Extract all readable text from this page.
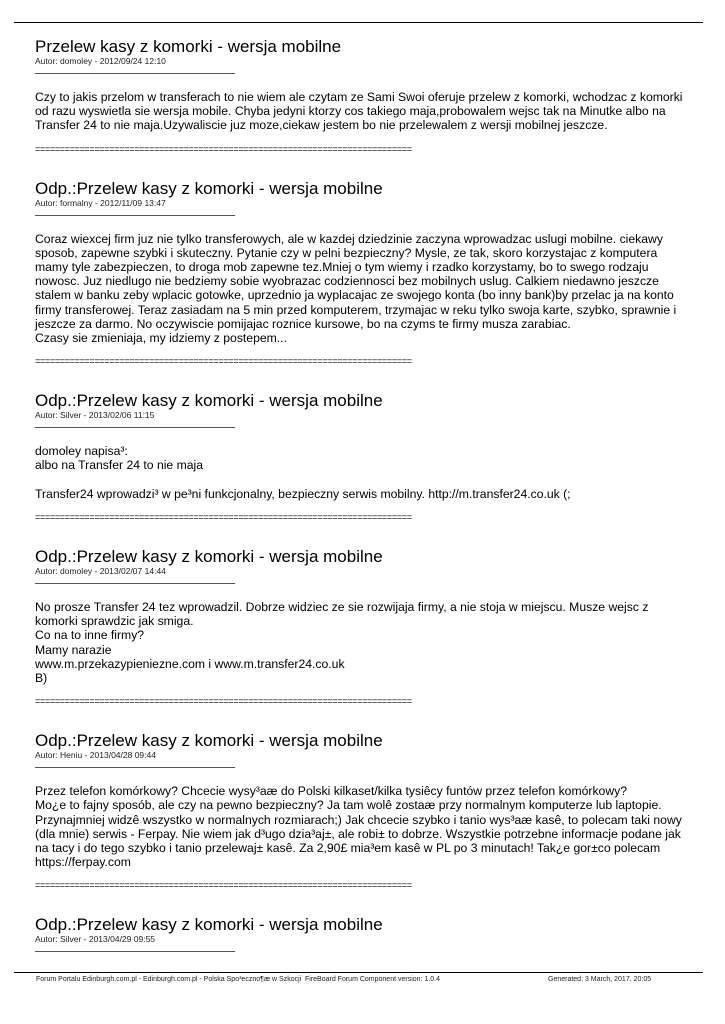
Przelew kasy z komorki - wersja mobilne
Autor: domoley - 2012/09/24 12:10
Czy to jakis przelom w transferach to nie wiem ale czytam ze Sami Swoi oferuje przelew z komorki, wchodzac z komorki od razu wyswietla sie wersja mobile. Chyba jedyni ktorzy cos takiego maja,probowalem wejsc tak na Minutke albo na Transfer 24 to nie maja.Uzywaliscie juz moze,ciekaw jestem bo nie przelewalem z wersji mobilnej jeszcze.
============================================================================
Odp.:Przelew kasy z komorki - wersja mobilne
Autor: formalny - 2012/11/09 13:47
Coraz wiexcej firm juz nie tylko transferowych, ale w kazdej dziedzinie zaczyna wprowadzac uslugi mobilne. ciekawy sposob, zapewne szybki i skuteczny. Pytanie czy w pelni bezpieczny? Mysle, ze tak, skoro korzystajac z komputera mamy tyle zabezpieczen, to droga mob zapewne tez.Mniej o tym wiemy i rzadko korzystamy, bo to swego rodzaju nowosc. Juz niedlugo nie bedziemy sobie wyobrazac codziennosci bez mobilnych uslug. Calkiem niedawno jeszcze stalem w banku zeby wplacic gotowke, uprzednio ja wyplacajac ze swojego konta (bo inny bank)by przelac ja na konto firmy transferowej. Teraz zasiadam na 5 min przed komputerem, trzymajac w reku tylko swoja karte, szybko, sprawnie i jeszcze za darmo. No oczywiscie pomijajac roznice kursowe, bo na czyms te firmy musza zarabiac.
Czasy sie zmieniaja, my idziemy z postepem...
============================================================================
Odp.:Przelew kasy z komorki - wersja mobilne
Autor: Silver - 2013/02/06 11:15
domoley napisa³:
albo na Transfer 24 to nie maja

Transfer24 wprowadzi³ w pe³ni funkcjonalny, bezpieczny serwis mobilny. http://m.transfer24.co.uk (;
============================================================================
Odp.:Przelew kasy z komorki - wersja mobilne
Autor: domoley - 2013/02/07 14:44
No prosze Transfer 24 tez wprowadzil. Dobrze widziec ze sie rozwijaja firmy, a nie stoja w miejscu. Musze wejsc z komorki sprawdzic jak smiga.
Co na to inne firmy?
Mamy narazie
www.m.przekazypieniezne.com i www.m.transfer24.co.uk
B)
============================================================================
Odp.:Przelew kasy z komorki - wersja mobilne
Autor: Heniu - 2013/04/28 09:44
Przez telefon komórkowy? Chcecie wysy³aæ do Polski kilkaset/kilka tysiêcy funtów przez telefon komórkowy?
Mo¿e to fajny sposób, ale czy na pewno bezpieczny? Ja tam wolê zostaæ przy normalnym komputerze lub laptopie. Przynajmniej widzê wszystko w normalnych rozmiarach;) Jak chcecie szybko i tanio wys³aæ kasê, to polecam taki nowy (dla mnie) serwis - Ferpay. Nie wiem jak d³ugo dzia³aj±, ale robi± to dobrze. Wszystkie potrzebne informacje podane jak na tacy i do tego szybko i tanio przelewaj± kasê. Za 2,90£ mia³em kasê w PL po 3 minutach! Tak¿e gor±co polecam
https://ferpay.com
============================================================================
Odp.:Przelew kasy z komorki - wersja mobilne
Autor: Silver - 2013/04/29 09:55
Forum Portalu Edinburgh.com.pl - Edinburgh.com.pl - Polska Spo³eczno¶æ w Szkocji FireBoard Forum Component version: 1.0.4	Generated: 3 March, 2017, 20:05
